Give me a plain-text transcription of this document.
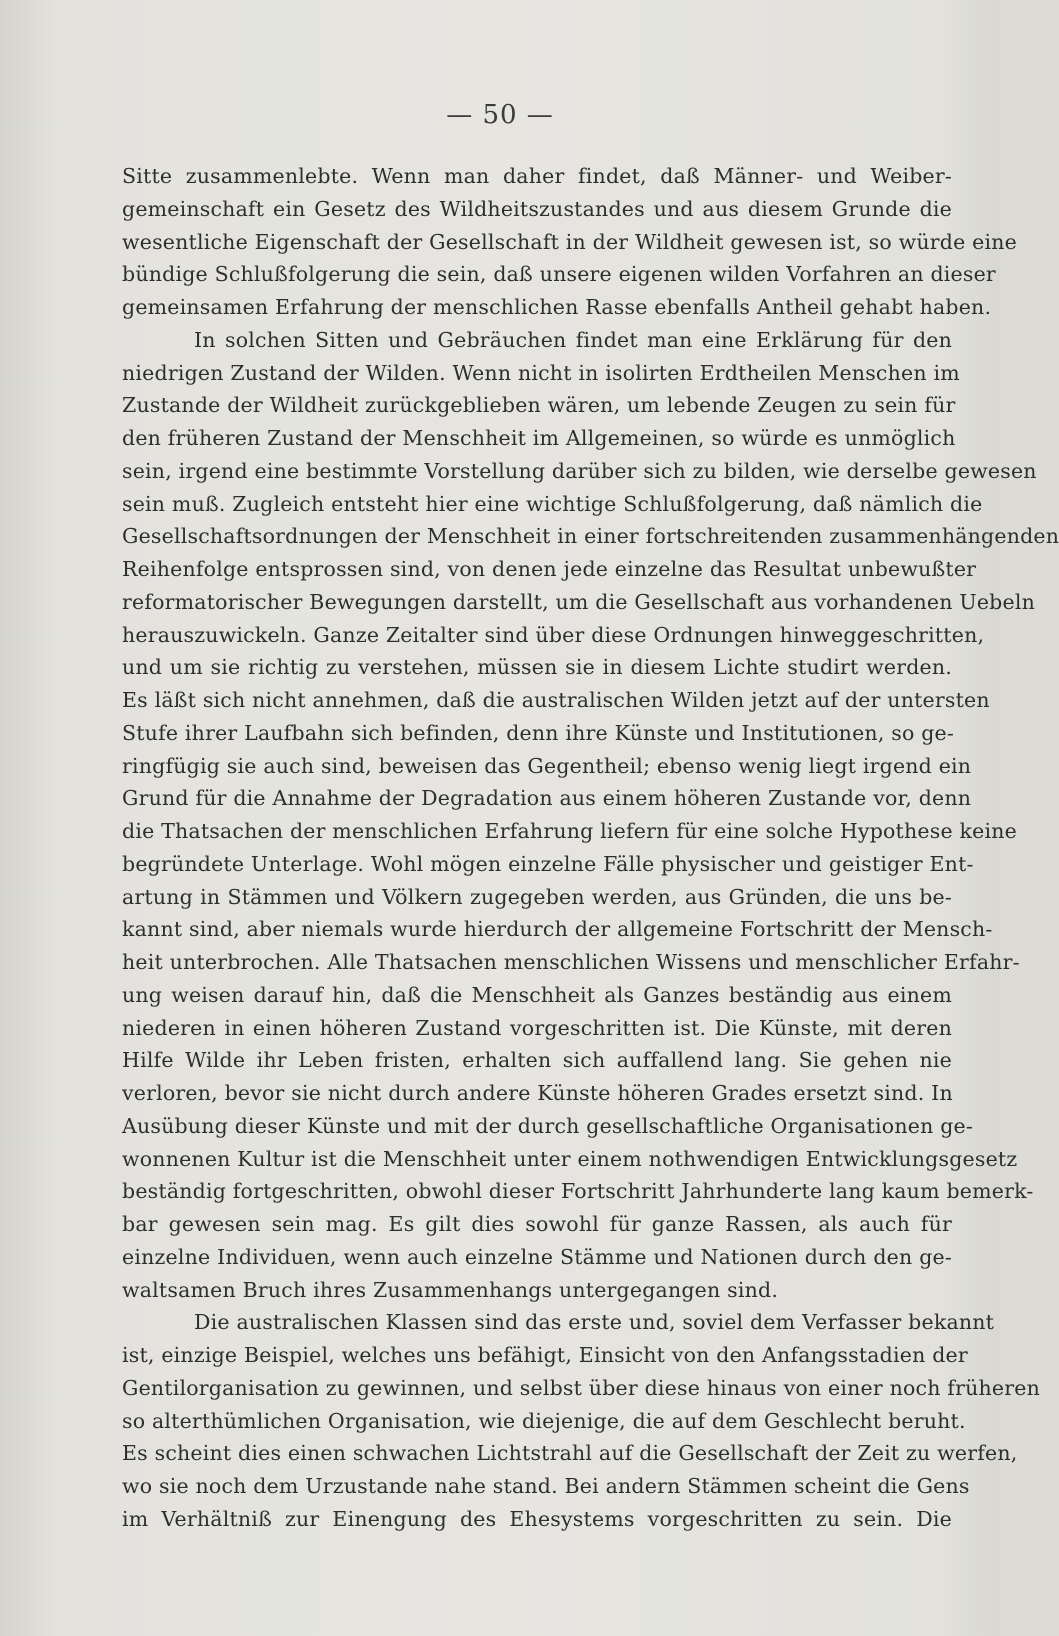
— 50 —
Sitte zusammenlebte. Wenn man daher findet, daß Männer- und Weiber-
gemeinschaft ein Gesetz des Wildheitszustandes und aus diesem Grunde die
wesentliche Eigenschaft der Gesellschaft in der Wildheit gewesen ist, so würde eine
bündige Schlußfolgerung die sein, daß unsere eigenen wilden Vorfahren an dieser
gemeinsamen Erfahrung der menschlichen Rasse ebenfalls Antheil gehabt haben.
In solchen Sitten und Gebräuchen findet man eine Erklärung für den
niedrigen Zustand der Wilden. Wenn nicht in isolirten Erdtheilen Menschen im
Zustande der Wildheit zurückgeblieben wären, um lebende Zeugen zu sein für
den früheren Zustand der Menschheit im Allgemeinen, so würde es unmöglich
sein, irgend eine bestimmte Vorstellung darüber sich zu bilden, wie derselbe gewesen
sein muß. Zugleich entsteht hier eine wichtige Schlußfolgerung, daß nämlich die
Gesellschaftsordnungen der Menschheit in einer fortschreitenden zusammenhängenden
Reihenfolge entsprossen sind, von denen jede einzelne das Resultat unbewußter
reformatorischer Bewegungen darstellt, um die Gesellschaft aus vorhandenen Uebeln
herauszuwickeln. Ganze Zeitalter sind über diese Ordnungen hinweggeschritten,
und um sie richtig zu verstehen, müssen sie in diesem Lichte studirt werden.
Es läßt sich nicht annehmen, daß die australischen Wilden jetzt auf der untersten
Stufe ihrer Laufbahn sich befinden, denn ihre Künste und Institutionen, so ge-
ringfügig sie auch sind, beweisen das Gegentheil; ebenso wenig liegt irgend ein
Grund für die Annahme der Degradation aus einem höheren Zustande vor, denn
die Thatsachen der menschlichen Erfahrung liefern für eine solche Hypothese keine
begründete Unterlage. Wohl mögen einzelne Fälle physischer und geistiger Ent-
artung in Stämmen und Völkern zugegeben werden, aus Gründen, die uns be-
kannt sind, aber niemals wurde hierdurch der allgemeine Fortschritt der Mensch-
heit unterbrochen. Alle Thatsachen menschlichen Wissens und menschlicher Erfahr-
ung weisen darauf hin, daß die Menschheit als Ganzes beständig aus einem
niederen in einen höheren Zustand vorgeschritten ist. Die Künste, mit deren
Hilfe Wilde ihr Leben fristen, erhalten sich auffallend lang. Sie gehen nie
verloren, bevor sie nicht durch andere Künste höheren Grades ersetzt sind. In
Ausübung dieser Künste und mit der durch gesellschaftliche Organisationen ge-
wonnenen Kultur ist die Menschheit unter einem nothwendigen Entwicklungsgesetz
beständig fortgeschritten, obwohl dieser Fortschritt Jahrhunderte lang kaum bemerk-
bar gewesen sein mag. Es gilt dies sowohl für ganze Rassen, als auch für
einzelne Individuen, wenn auch einzelne Stämme und Nationen durch den ge-
waltsamen Bruch ihres Zusammenhangs untergegangen sind.
Die australischen Klassen sind das erste und, soviel dem Verfasser bekannt
ist, einzige Beispiel, welches uns befähigt, Einsicht von den Anfangsstadien der
Gentilorganisation zu gewinnen, und selbst über diese hinaus von einer noch früheren
so alterthümlichen Organisation, wie diejenige, die auf dem Geschlecht beruht.
Es scheint dies einen schwachen Lichtstrahl auf die Gesellschaft der Zeit zu werfen,
wo sie noch dem Urzustande nahe stand. Bei andern Stämmen scheint die Gens
im Verhältniß zur Einengung des Ehesystems vorgeschritten zu sein. Die
